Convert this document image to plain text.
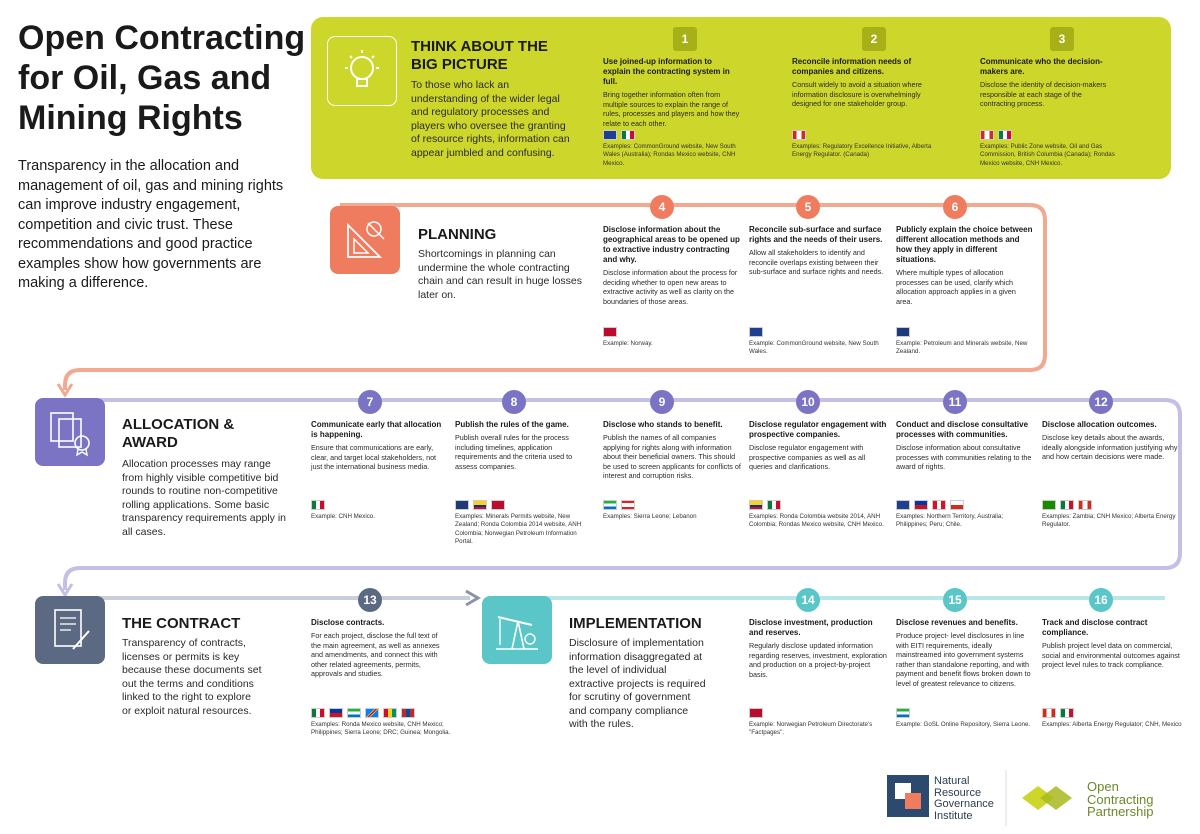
Open Contracting for Oil, Gas and Mining Rights
Transparency in the allocation and management of oil, gas and mining rights can improve industry engagement, competition and civic trust. These recommendations and good practice examples show how governments are making a difference.
THINK ABOUT THE BIG PICTURE
To those who lack an understanding of the wider legal and regulatory processes and players who oversee the granting of resource rights, information can appear jumbled and confusing.
PLANNING
Shortcomings in planning can undermine the whole contracting chain and can result in huge losses later on.
ALLOCATION & AWARD
Allocation processes may range from highly visible competitive bid rounds to routine non-competitive rolling applications. Some basic transparency requirements apply in all cases.
THE CONTRACT
Transparency of contracts, licenses or permits is key because these documents set out the terms and conditions linked to the right to explore or exploit natural resources.
IMPLEMENTATION
Disclosure of implementation information disaggregated at the level of individual extractive projects is required for scrutiny of government and company compliance with the rules.
1
Use joined-up information to explain the contracting system in full.
Bring together information often from multiple sources to explain the range of rules, processes and players and how they relate to each other.
Examples: CommonGround website, New South Wales (Australia); Rondas Mexico website, CNH Mexico.
2
Reconcile information needs of companies and citizens.
Consult widely to avoid a situation where information disclosure is overwhelmingly designed for one stakeholder group.
Examples: Regulatory Excellence Initiative, Alberta Energy Regulator. (Canada)
3
Communicate who the decision-makers are.
Disclose the identity of decision-makers responsible at each stage of the contracting process.
Examples: Public Zone website, Oil and Gas Commission, British Columbia (Canada); Rondas Mexico website, CNH Mexico.
4
Disclose information about the geographical areas to be opened up to extractive industry contracting and why.
Disclose information about the process for deciding whether to open new areas to extractive activity as well as clarity on the boundaries of those areas.
Example: Norway.
5
Reconcile sub-surface and surface rights and the needs of their users.
Allow all stakeholders to identify and reconcile overlaps existing between their sub-surface and surface rights and needs.
Example: CommonGround website, New South Wales.
6
Publicly explain the choice between different allocation methods and how they apply in different situations.
Where multiple types of allocation processes can be used, clarify which allocation approach applies in a given area.
Example: Petroleum and Minerals website, New Zealand.
7
Communicate early that allocation is happening.
Ensure that communications are early, clear, and target local stakeholders, not just the international business media.
Example: CNH Mexico.
8
Publish the rules of the game.
Publish overall rules for the process including timelines, application requirements and the criteria used to assess companies.
Examples: Minerals Permits website, New Zealand; Ronda Colombia 2014 website, ANH Colombia; Norwegian Petroleum Information Portal.
9
Disclose who stands to benefit.
Publish the names of all companies applying for rights along with information about their beneficial owners. This should be used to screen applicants for conflicts of interest and corruption risks.
Examples: Sierra Leone; Lebanon
10
Disclose regulator engagement with prospective companies.
Disclose regulator engagement with prospective companies as well as all queries and clarifications.
Examples: Ronda Colombia website 2014, ANH Colombia; Rondas Mexico website, CNH Mexico.
11
Conduct and disclose consultative processes with communities.
Disclose information about consultative processes with communities relating to the award of rights.
Examples: Northern Territory, Australia; Philippines; Peru; Chile.
12
Disclose allocation outcomes.
Disclose key details about the awards, ideally alongside information justifying why and how certain decisions were made.
Examples: Zambia; CNH Mexico; Alberta Energy Regulator.
13
Disclose contracts.
For each project, disclose the full text of the main agreement, as well as annexes and amendments, and connect this with other related agreements, permits, approvals and studies.
Examples: Ronda Mexico website, CNH Mexico; Philippines; Sierra Leone; DRC; Guinea; Mongolia.
14
Disclose investment, production and reserves.
Regularly disclose updated information regarding reserves, investment, exploration and production on a project-by-project basis.
Example: Norwegian Petroleum Directorate's "Factpages".
15
Disclose revenues and benefits.
Produce project- level disclosures in line with EITI requirements, ideally mainstreamed into government systems rather than standalone reporting, and with payment and benefit flows broken down to level of greatest relevance to citizens.
Example: GoSL Online Repository, Sierra Leone.
16
Track and disclose contract compliance.
Publish project level data on commercial, social and environmental outcomes against project level rules to track compliance.
Examples: Alberta Energy Regulator; CNH, Mexico
Natural Resource Governance Institute
Open Contracting Partnership
